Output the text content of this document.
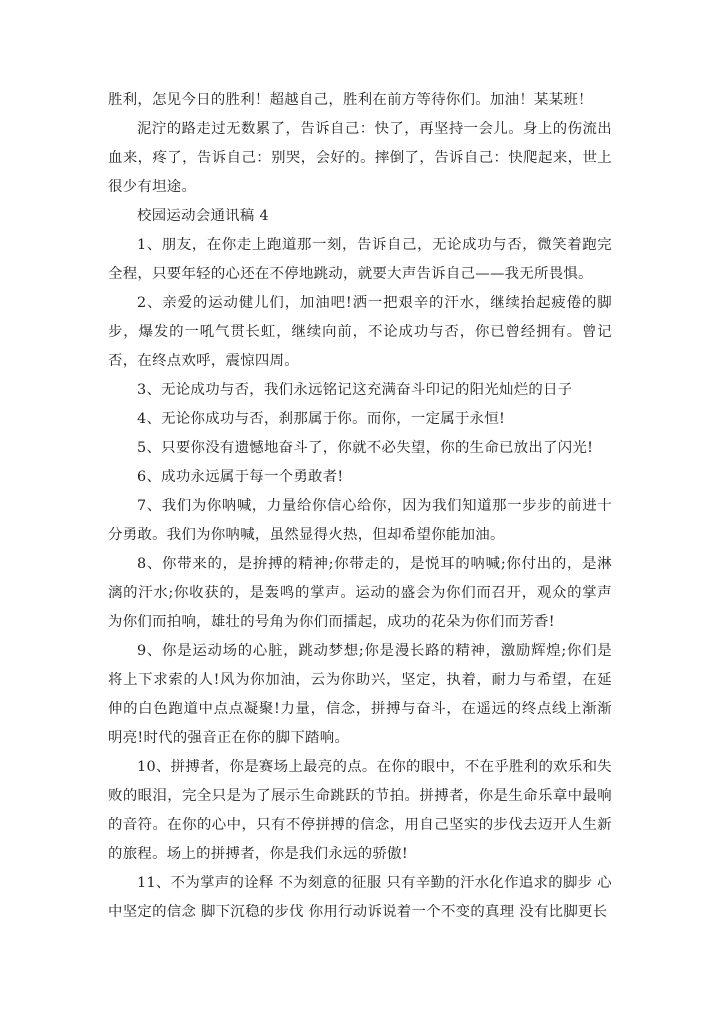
胜利，怎见今日的胜利！超越自己，胜利在前方等待你们。加油！某某班！

泥泞的路走过无数累了，告诉自己：快了，再坚持一会儿。身上的伤流出血来，疼了，告诉自己：别哭，会好的。摔倒了，告诉自己：快爬起来，世上很少有坦途。

校园运动会通讯稿 4

1、朋友，在你走上跑道那一刻，告诉自己，无论成功与否，微笑着跑完全程，只要年轻的心还在不停地跳动，就要大声告诉自己——我无所畏惧。

2、亲爱的运动健儿们，加油吧!洒一把艰辛的汗水，继续抬起疲倦的脚步，爆发的一吼气贯长虹，继续向前，不论成功与否，你已曾经拥有。曾记否，在终点欢呼，震惊四周。

3、无论成功与否，我们永远铭记这充满奋斗印记的阳光灿烂的日子

4、无论你成功与否，刹那属于你。而你，一定属于永恒!

5、只要你没有遗憾地奋斗了，你就不必失望，你的生命已放出了闪光!

6、成功永远属于每一个勇敢者!

7、我们为你呐喊，力量给你信心给你，因为我们知道那一步步的前进十分勇敢。我们为你呐喊，虽然显得火热，但却希望你能加油。

8、你带来的，是拚搏的精神;你带走的，是悦耳的呐喊;你付出的，是淋漓的汗水;你收获的，是轰鸣的掌声。运动的盛会为你们而召开，观众的掌声为你们而拍响，雄壮的号角为你们而擂起，成功的花朵为你们而芳香!

9、你是运动场的心脏，跳动梦想;你是漫长路的精神，激励辉煌;你们是将上下求索的人!风为你加油，云为你助兴，坚定，执着，耐力与希望，在延伸的白色跑道中点点凝聚!力量，信念，拼搏与奋斗，在遥远的终点线上渐渐明亮!时代的强音正在你的脚下踏响。

10、拼搏者，你是赛场上最亮的点。在你的眼中，不在乎胜利的欢乐和失败的眼泪，完全只是为了展示生命跳跃的节拍。拼搏者，你是生命乐章中最响的音符。在你的心中，只有不停拼搏的信念，用自己坚实的步伐去迈开人生新的旅程。场上的拼搏者，你是我们永远的骄傲!

11、不为掌声的诠释 不为刻意的征服 只有辛勤的汗水化作追求的脚步 心中坚定的信念 脚下沉稳的步伐 你用行动诉说着一个不变的真理 没有比脚更长
